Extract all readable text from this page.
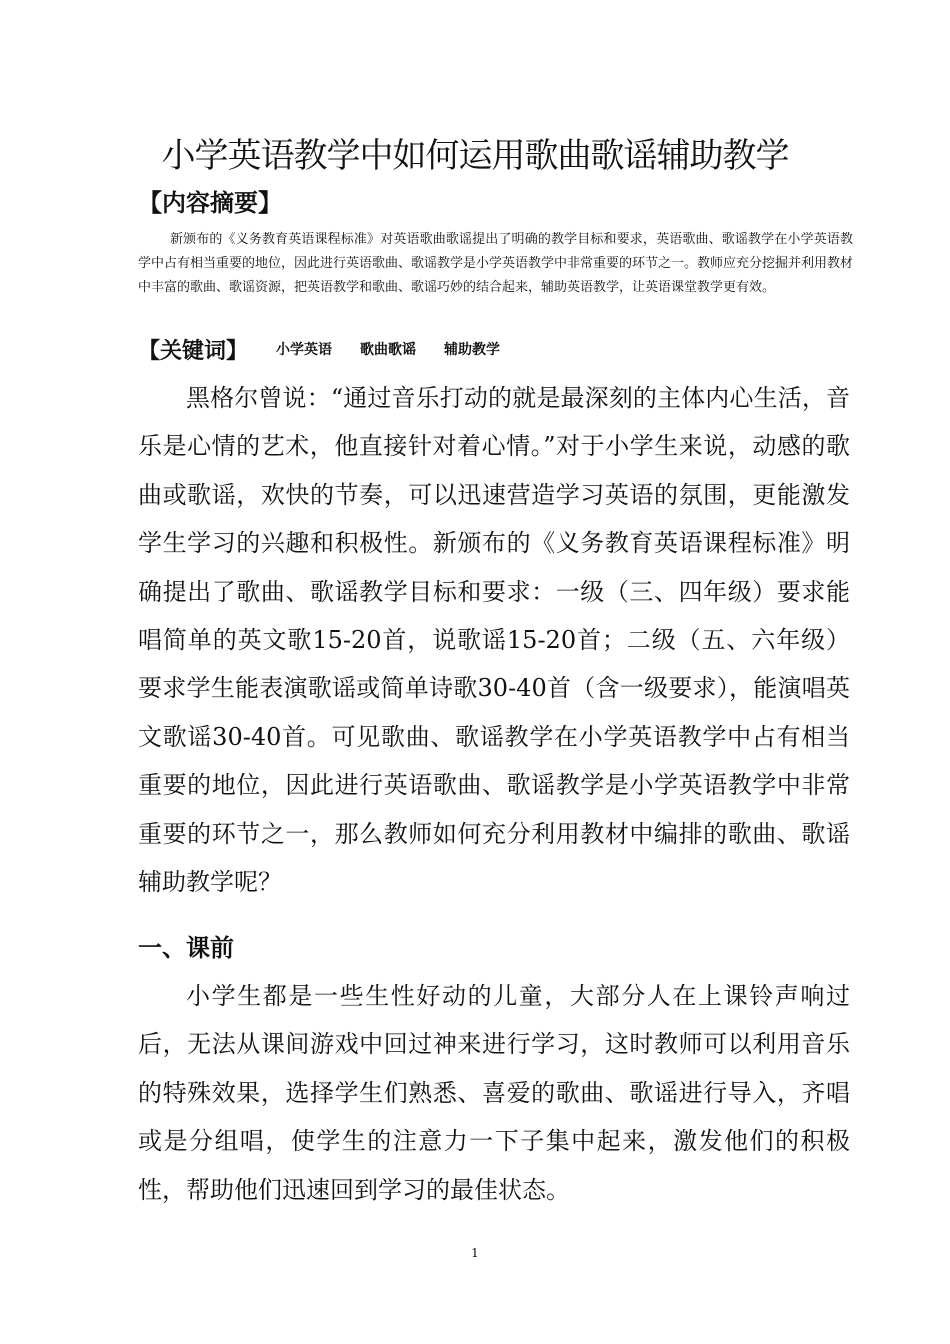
小学英语教学中如何运用歌曲歌谣辅助教学
【内容摘要】

新颁布的《义务教育英语课程标准》对英语歌曲歌谣提出了明确的教学目标和要求，英语歌曲、歌谣教学在小学英语教学中占有相当重要的地位，因此进行英语歌曲、歌谣教学是小学英语教学中非常重要的环节之一。教师应充分挖掘并利用教材中丰富的歌曲、歌谣资源，把英语教学和歌曲、歌谣巧妙的结合起来，辅助英语教学，让英语课堂教学更有效。

【关键词】 小学英语 歌曲歌谣 辅助教学

黑格尔曾说：“通过音乐打动的就是最深刻的主体内心生活，音乐是心情的艺术，他直接针对着心情。”对于小学生来说，动感的歌曲或歌谣，欢快的节奏，可以迅速营造学习英语的氛围，更能激发学生学习的兴趣和积极性。新颁布的《义务教育英语课程标准》明确提出了歌曲、歌谣教学目标和要求：一级（三、四年级）要求能唱简单的英文歌15-20首，说歌谣15-20首；二级（五、六年级）要求学生能表演歌谣或简单诗歌30-40首（含一级要求），能演唱英文歌谣30-40首。可见歌曲、歌谣教学在小学英语教学中占有相当重要的地位，因此进行英语歌曲、歌谣教学是小学英语教学中非常重要的环节之一，那么教师如何充分利用教材中编排的歌曲、歌谣辅助教学呢？

一、课前

小学生都是一些生性好动的儿童，大部分人在上课铃声响过后，无法从课间游戏中回过神来进行学习，这时教师可以利用音乐的特殊效果，选择学生们熟悉、喜爱的歌曲、歌谣进行导入，齐唱或是分组唱，使学生的注意力一下子集中起来，激发他们的积极性，帮助他们迅速回到学习的最佳状态。

1
